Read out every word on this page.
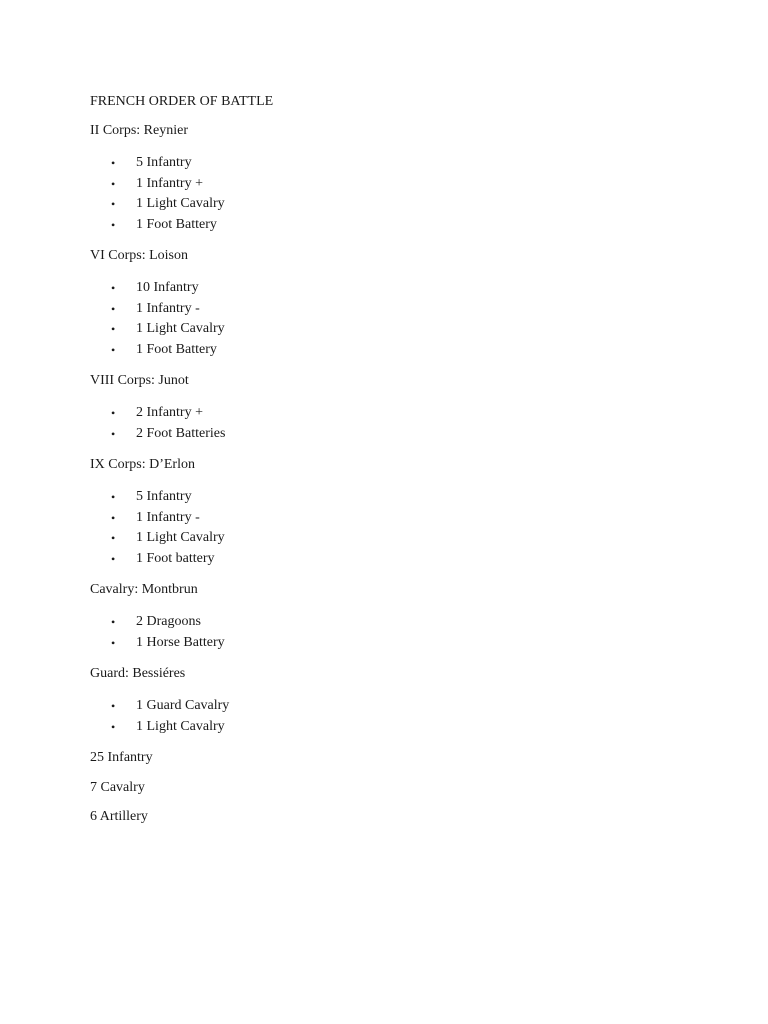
FRENCH ORDER OF BATTLE

II Corps: Reynier

• 5 Infantry
• 1 Infantry +
• 1 Light Cavalry
• 1 Foot Battery

VI Corps: Loison

• 10 Infantry
• 1 Infantry -
• 1 Light Cavalry
• 1 Foot Battery

VIII Corps: Junot

• 2 Infantry +
• 2 Foot Batteries

IX Corps: D’Erlon

• 5 Infantry
• 1 Infantry -
• 1 Light Cavalry
• 1 Foot battery

Cavalry: Montbrun

• 2 Dragoons
• 1 Horse Battery

Guard: Bessiéres

• 1 Guard Cavalry
• 1 Light Cavalry

25 Infantry

7 Cavalry

6 Artillery
